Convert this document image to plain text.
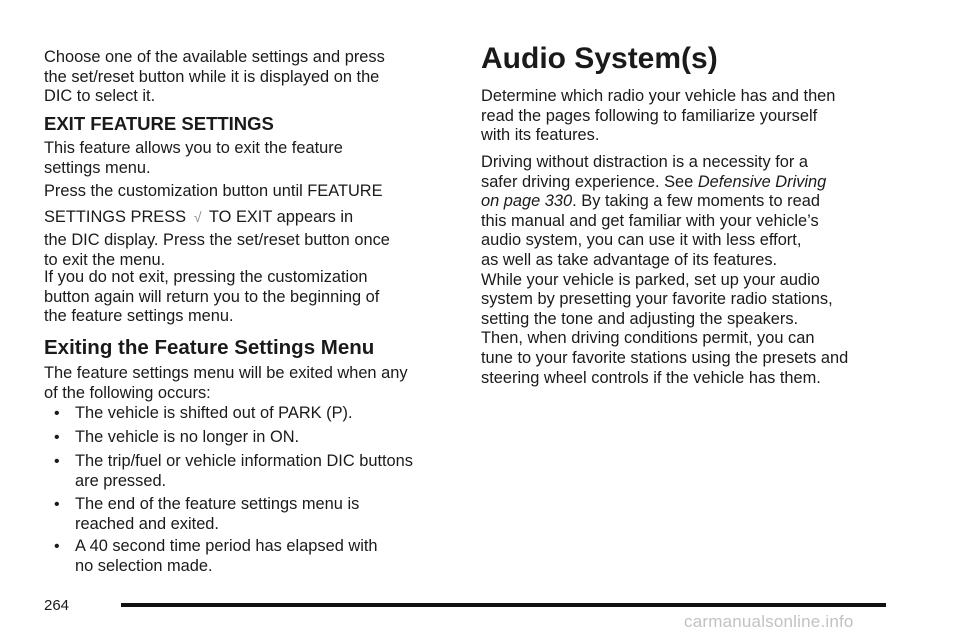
Choose one of the available settings and press

the set/reset button while it is displayed on the

DIC to select it.

EXIT FEATURE SETTINGS

This feature allows you to exit the feature

settings menu.

Press the customization button until FEATURE

SETTINGS PRESS √ TO EXIT appears in

the DIC display. Press the set/reset button once

to exit the menu.

If you do not exit, pressing the customization

button again will return you to the beginning of

the feature settings menu.

Exiting the Feature Settings Menu

The feature settings menu will be exited when any

of the following occurs:

• The vehicle is shifted out of PARK (P).

• The vehicle is no longer in ON.

• The trip/fuel or vehicle information DIC buttons

are pressed.

• The end of the feature settings menu is

reached and exited.

• A 40 second time period has elapsed with

no selection made.

Audio System(s)

Determine which radio your vehicle has and then

read the pages following to familiarize yourself

with its features.

Driving without distraction is a necessity for a

safer driving experience. See Defensive Driving

on page 330. By taking a few moments to read

this manual and get familiar with your vehicle’s

audio system, you can use it with less effort,

as well as take advantage of its features.

While your vehicle is parked, set up your audio

system by presetting your favorite radio stations,

setting the tone and adjusting the speakers.

Then, when driving conditions permit, you can

tune to your favorite stations using the presets and

steering wheel controls if the vehicle has them.

264
carmanualsonline.info
